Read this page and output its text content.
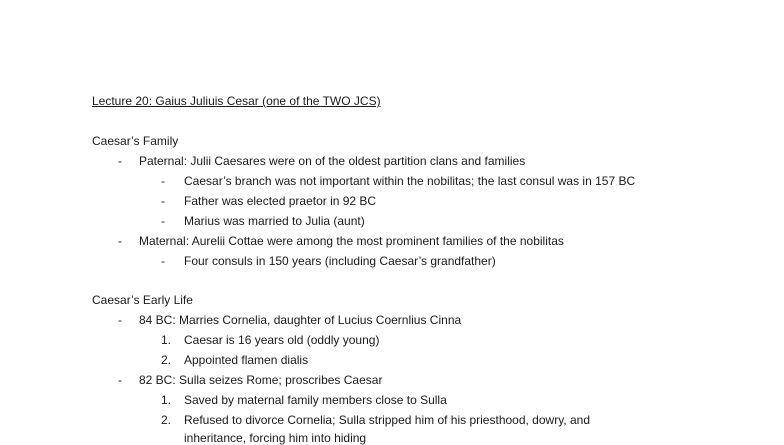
Lecture 20: Gaius Juliuis Cesar (one of the TWO JCS)
Caesar’s Family
- Paternal: Julii Caesares were on of the oldest partition clans and families
- Caesar’s branch was not important within the nobilitas; the last consul was in 157 BC
- Father was elected praetor in 92 BC
- Marius was married to Julia (aunt)
- Maternal: Aurelii Cottae were among the most prominent families of the nobilitas
- Four consuls in 150 years (including Caesar’s grandfather)
Caesar’s Early Life
- 84 BC: Marries Cornelia, daughter of Lucius Coernlius Cinna
1. Caesar is 16 years old (oddly young)
2. Appointed flamen dialis
- 82 BC: Sulla seizes Rome; proscribes Caesar
1. Saved by maternal family members close to Sulla
2. Refused to divorce Cornelia; Sulla stripped him of his priesthood, dowry, and
inheritance, forcing him into hiding
